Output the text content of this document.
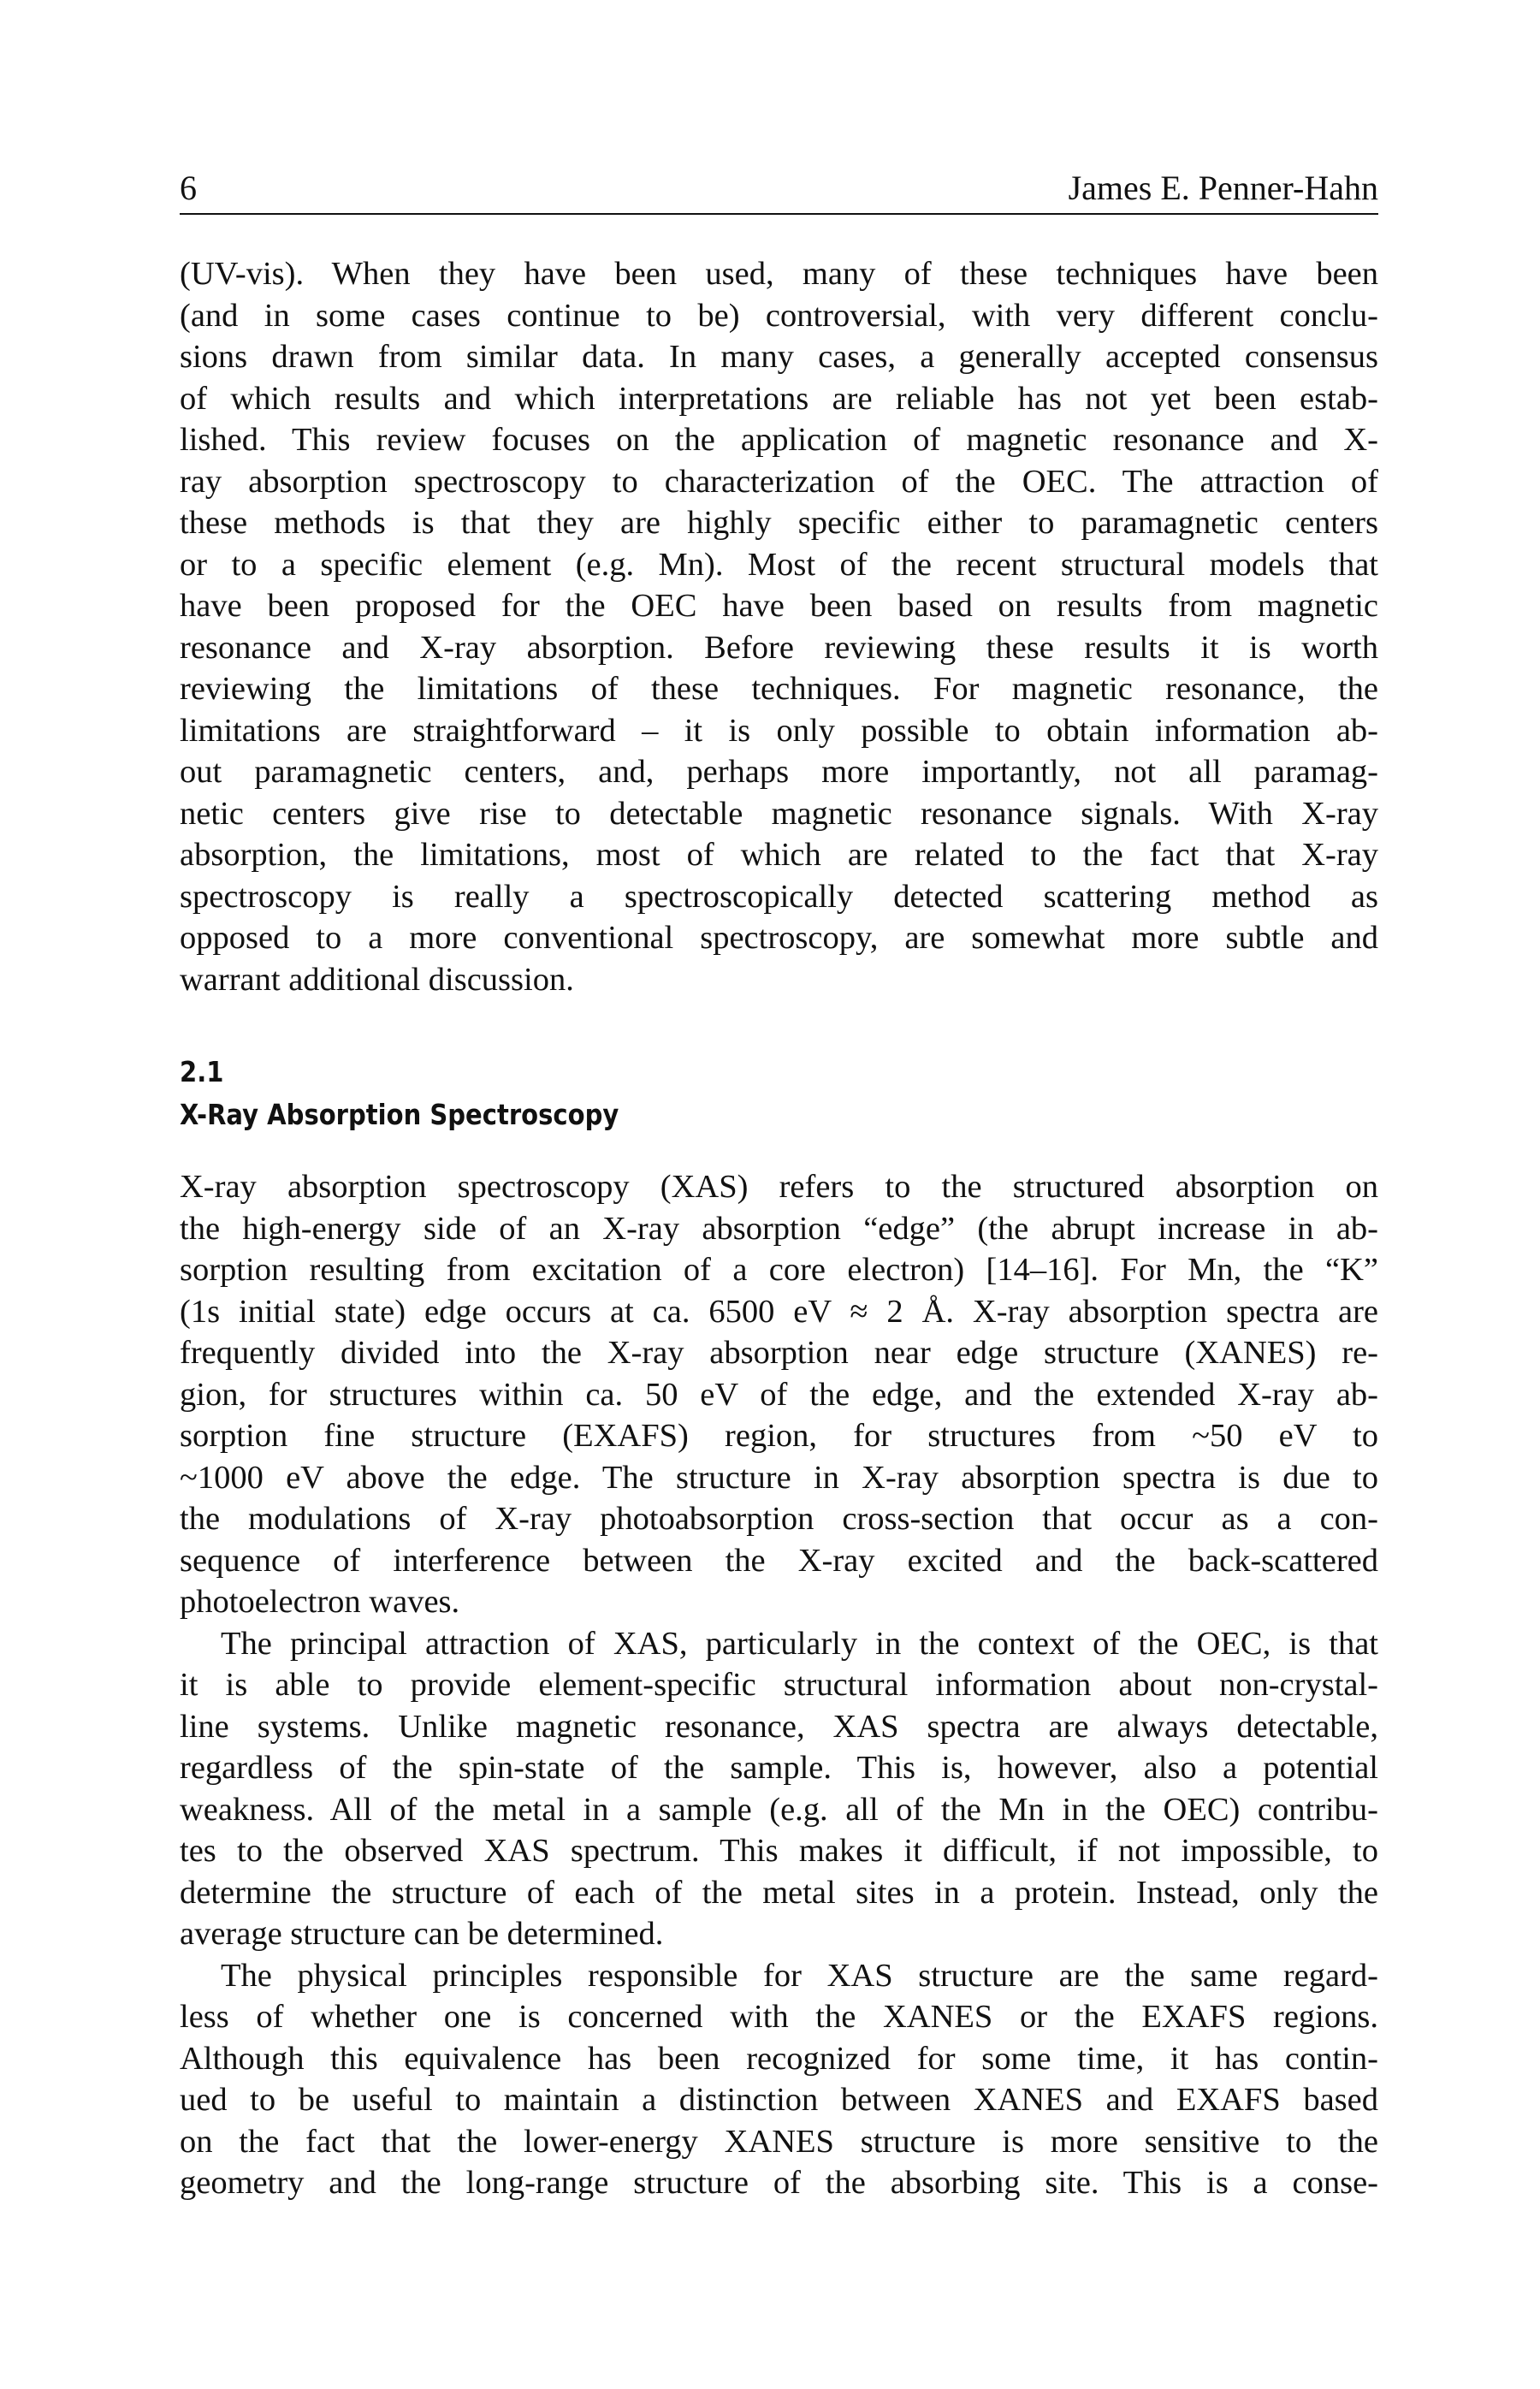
6	James E. Penner-Hahn
(UV-vis). When they have been used, many of these techniques have been
(and in some cases continue to be) controversial, with very different conclu-
sions drawn from similar data. In many cases, a generally accepted consensus
of which results and which interpretations are reliable has not yet been estab-
lished. This review focuses on the application of magnetic resonance and X-
ray absorption spectroscopy to characterization of the OEC. The attraction of
these methods is that they are highly specific either to paramagnetic centers
or to a specific element (e.g. Mn). Most of the recent structural models that
have been proposed for the OEC have been based on results from magnetic
resonance and X-ray absorption. Before reviewing these results it is worth
reviewing the limitations of these techniques. For magnetic resonance, the
limitations are straightforward – it is only possible to obtain information ab-
out paramagnetic centers, and, perhaps more importantly, not all paramag-
netic centers give rise to detectable magnetic resonance signals. With X-ray
absorption, the limitations, most of which are related to the fact that X-ray
spectroscopy is really a spectroscopically detected scattering method as
opposed to a more conventional spectroscopy, are somewhat more subtle and
warrant additional discussion.
2.1
X-Ray Absorption Spectroscopy
X-ray absorption spectroscopy (XAS) refers to the structured absorption on
the high-energy side of an X-ray absorption “edge” (the abrupt increase in ab-
sorption resulting from excitation of a core electron) [14–16]. For Mn, the “K”
(1s initial state) edge occurs at ca. 6500 eV ≈ 2 Å. X-ray absorption spectra are
frequently divided into the X-ray absorption near edge structure (XANES) re-
gion, for structures within ca. 50 eV of the edge, and the extended X-ray ab-
sorption fine structure (EXAFS) region, for structures from ~50 eV to
~1000 eV above the edge. The structure in X-ray absorption spectra is due to
the modulations of X-ray photoabsorption cross-section that occur as a con-
sequence of interference between the X-ray excited and the back-scattered
photoelectron waves.
The principal attraction of XAS, particularly in the context of the OEC, is that
it is able to provide element-specific structural information about non-crystal-
line systems. Unlike magnetic resonance, XAS spectra are always detectable,
regardless of the spin-state of the sample. This is, however, also a potential
weakness. All of the metal in a sample (e.g. all of the Mn in the OEC) contribu-
tes to the observed XAS spectrum. This makes it difficult, if not impossible, to
determine the structure of each of the metal sites in a protein. Instead, only the
average structure can be determined.
The physical principles responsible for XAS structure are the same regard-
less of whether one is concerned with the XANES or the EXAFS regions.
Although this equivalence has been recognized for some time, it has contin-
ued to be useful to maintain a distinction between XANES and EXAFS based
on the fact that the lower-energy XANES structure is more sensitive to the
geometry and the long-range structure of the absorbing site. This is a conse-
